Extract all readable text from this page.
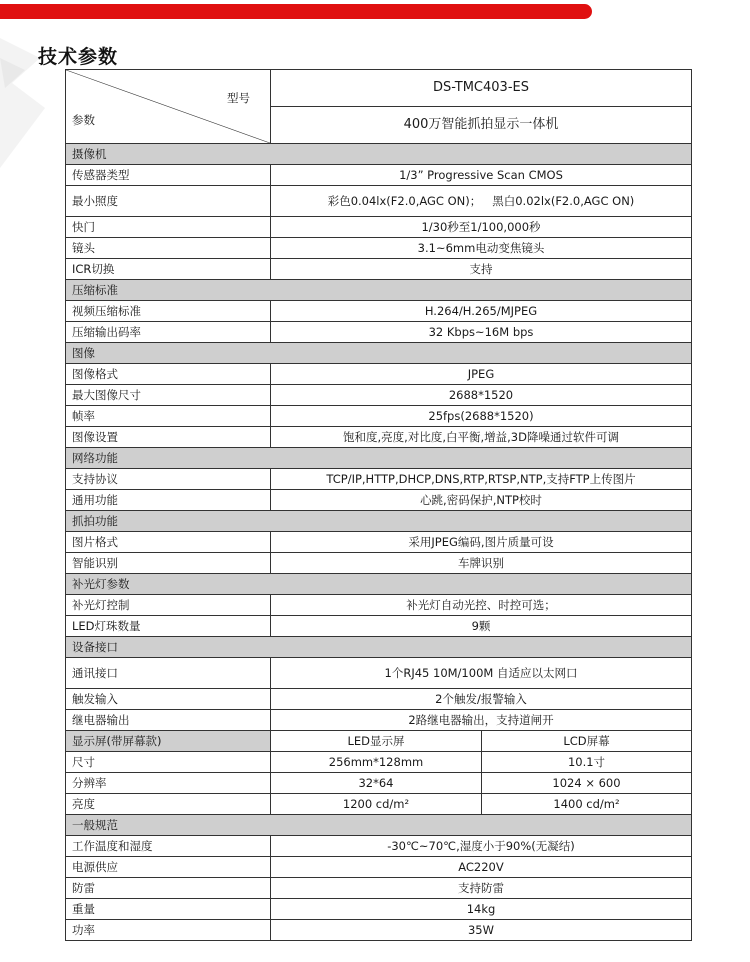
技术参数
型号
参数	DS-TMC403-ES	
	400万智能抓拍显示一体机	
摄像机		
传感器类型	1/3” Progressive Scan CMOS	
最小照度	彩色0.04lx(F2.0,AGC ON)；   黑白0.02lx(F2.0,AGC ON)	
快门	1/30秒至1/100,000秒	
镜头	3.1~6mm电动变焦镜头	
ICR切换	支持	
压缩标准		
视频压缩标准	H.264/H.265/MJPEG	
压缩输出码率	32 Kbps~16M bps	
图像		
图像格式	JPEG	
最大图像尺寸	2688*1520	
帧率	25fps(2688*1520)	
图像设置	饱和度,亮度,对比度,白平衡,增益,3D降噪通过软件可调	
网络功能		
支持协议	TCP/IP,HTTP,DHCP,DNS,RTP,RTSP,NTP,支持FTP上传图片	
通用功能	心跳,密码保护,NTP校时	
抓拍功能		
图片格式	采用JPEG编码,图片质量可设	
智能识别	车牌识别	
补光灯参数		
补光灯控制	补光灯自动光控、时控可选；	
LED灯珠数量	9颗	
设备接口		
通讯接口	1个RJ45 10M/100M 自适应以太网口	
触发输入	2个触发/报警输入	
继电器输出	2路继电器输出，支持道闸开	
显示屏(带屏幕款)	LED显示屏	LCD屏幕
尺寸	256mm*128mm	10.1寸
分辨率	32*64	1024 × 600
亮度	1200 cd/m²	1400 cd/m²
一般规范		
工作温度和湿度	-30℃~70℃,湿度小于90%(无凝结)	
电源供应	AC220V	
防雷	支持防雷	
重量	14kg	
功率	35W	
